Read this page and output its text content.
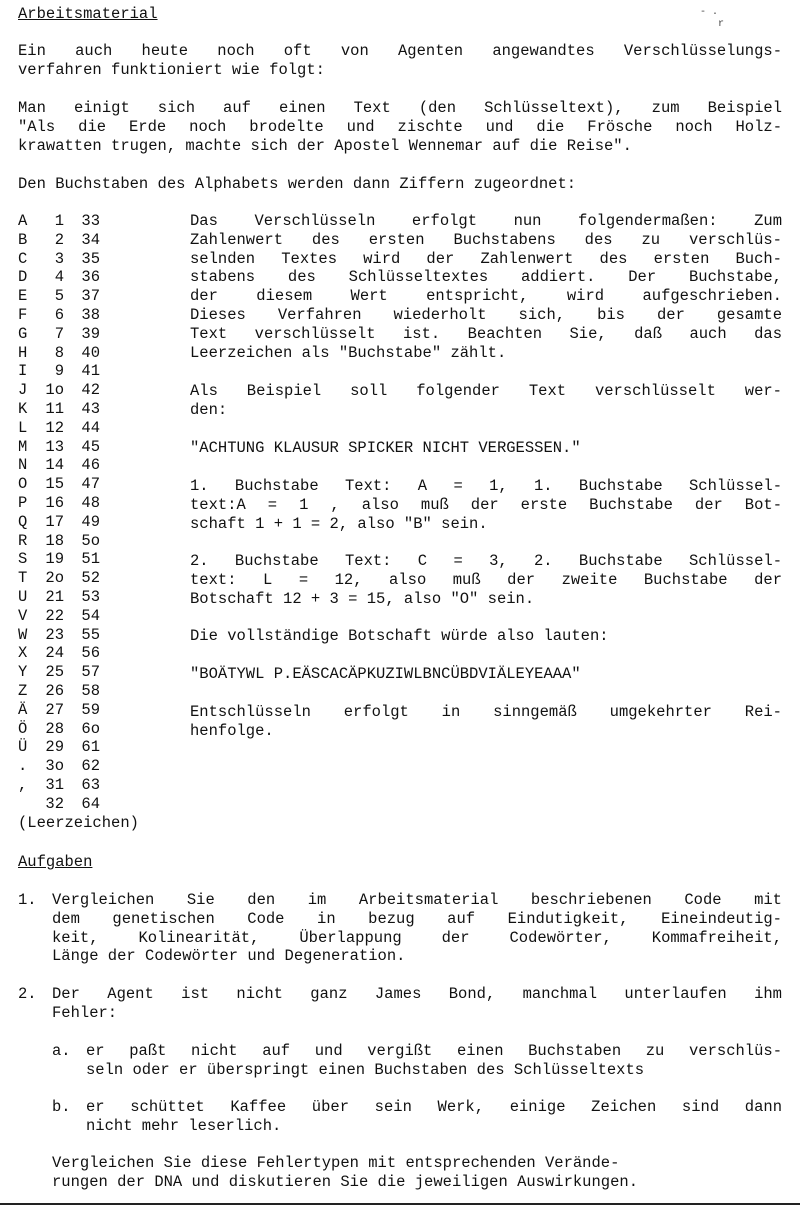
Arbeitsmaterial

Ein auch heute noch oft von Agenten angewandtes Verschlüsselungs-

verfahren funktioniert wie folgt:

Man einigt sich auf einen Text (den Schlüsseltext), zum Beispiel

"Als die Erde noch brodelte und zischte und die Frösche noch Holz-

krawatten trugen, machte sich der Apostel Wennemar auf die Reise".

Den Buchstaben des Alphabets werden dann Ziffern zugeordnet:
A	1	33
B	2	34
C	3	35
D	4	36
E	5	37
F	6	38
G	7	39
H	8	40
I	9	41
J	1o	42
K	11	43
L	12	44
M	13	45
N	14	46
O	15	47
P	16	48
Q	17	49
R	18	5o
S	19	51
T	2o	52
U	21	53
V	22	54
W	23	55
X	24	56
Y	25	57
Z	26	58
Ä	27	59
Ö	28	6o
Ü	29	61
.	3o	62
,	31	63
	32	64
(Leerzeichen)

Das Verschlüsseln erfolgt nun folgendermaßen: Zum

Zahlenwert des ersten Buchstabens des zu verschlüs-

selnden Textes wird der Zahlenwert des ersten Buch-

stabens des Schlüsseltextes addiert. Der Buchstabe,

der diesem Wert entspricht, wird aufgeschrieben.

Dieses Verfahren wiederholt sich, bis der gesamte

Text verschlüsselt ist. Beachten Sie, daß auch das

Leerzeichen als "Buchstabe" zählt.

Als Beispiel soll folgender Text verschlüsselt wer-

den:

"ACHTUNG KLAUSUR SPICKER NICHT VERGESSEN."

1. Buchstabe Text: A = 1, 1. Buchstabe Schlüssel-

text:A = 1 , also muß der erste Buchstabe der Bot-

schaft 1 + 1 = 2, also "B" sein.

2. Buchstabe Text: C = 3, 2. Buchstabe Schlüssel-

text: L = 12, also muß der zweite Buchstabe der

Botschaft 12 + 3 = 15, also "O" sein.

Die vollständige Botschaft würde also lauten:
"BOÄTYWL P.EÄSCACÄPKUZIWLBNCÜBDVIÄLEYEAAA"

Entschlüsseln erfolgt in sinngemäß umgekehrter Rei-

henfolge.

Aufgaben
1. Vergleichen Sie den im Arbeitsmaterial beschriebenen Code mit

dem genetischen Code in bezug auf Eindutigkeit, Eineindeutig-

keit, Kolinearität, Überlappung der Codewörter, Kommafreiheit,

Länge der Codewörter und Degeneration.

2. Der Agent ist nicht ganz James Bond, manchmal unterlaufen ihm

Fehler:

a. er paßt nicht auf und vergißt einen Buchstaben zu verschlüs-

seln oder er überspringt einen Buchstaben des Schlüsseltexts

b. er schüttet Kaffee über sein Werk, einige Zeichen sind dann

nicht mehr leserlich.

Vergleichen Sie diese Fehlertypen mit entsprechenden Verände-

rungen der DNA und diskutieren Sie die jeweiligen Auswirkungen.

- .
r
